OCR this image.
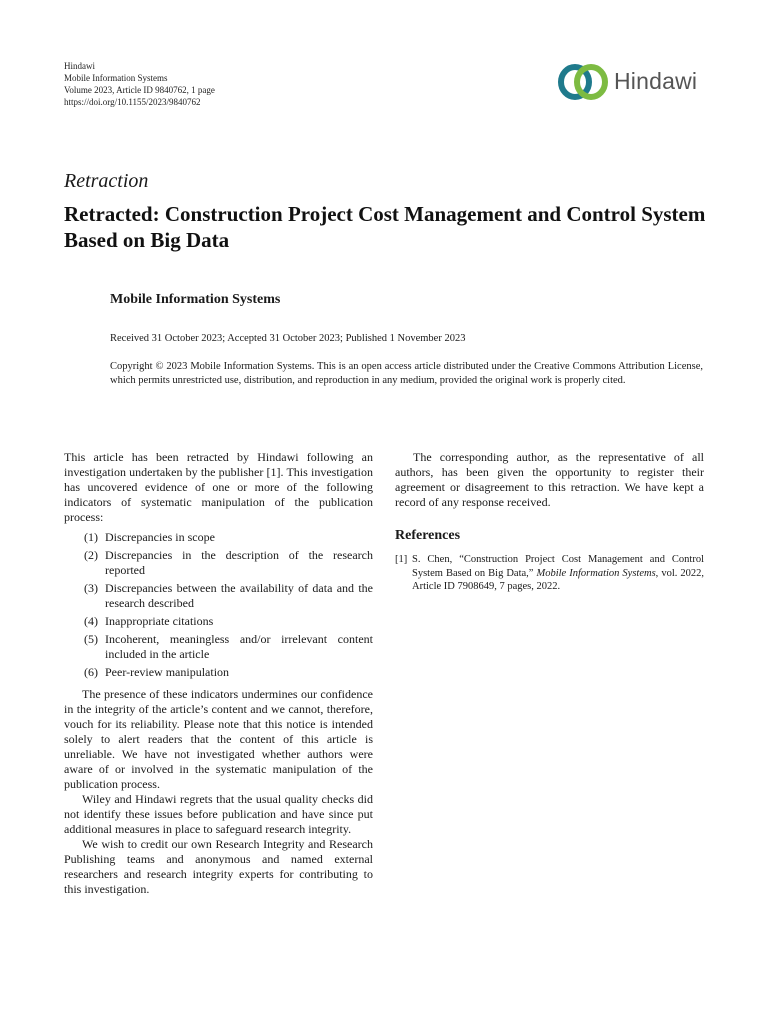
Hindawi
Mobile Information Systems
Volume 2023, Article ID 9840762, 1 page
https://doi.org/10.1155/2023/9840762
Hindawi
Retraction
Retracted: Construction Project Cost Management and Control System Based on Big Data
Mobile Information Systems
Received 31 October 2023; Accepted 31 October 2023; Published 1 November 2023
Copyright © 2023 Mobile Information Systems. This is an open access article distributed under the Creative Commons Attribution License, which permits unrestricted use, distribution, and reproduction in any medium, provided the original work is properly cited.

This article has been retracted by Hindawi following an investigation undertaken by the publisher [1]. This investigation has uncovered evidence of one or more of the following indicators of systematic manipulation of the publication process:

(1) Discrepancies in scope
(2) Discrepancies in the description of the research reported
(3) Discrepancies between the availability of data and the research described
(4) Inappropriate citations
(5) Incoherent, meaningless and/or irrelevant content included in the article
(6) Peer-review manipulation

The presence of these indicators undermines our confidence in the integrity of the article’s content and we cannot, therefore, vouch for its reliability. Please note that this notice is intended solely to alert readers that the content of this article is unreliable. We have not investigated whether authors were aware of or involved in the systematic manipulation of the publication process.

Wiley and Hindawi regrets that the usual quality checks did not identify these issues before publication and have since put additional measures in place to safeguard research integrity.

We wish to credit our own Research Integrity and Research Publishing teams and anonymous and named external researchers and research integrity experts for contributing to this investigation.

The corresponding author, as the representative of all authors, has been given the opportunity to register their agreement or disagreement to this retraction. We have kept a record of any response received.

References

[1] S. Chen, “Construction Project Cost Management and Control System Based on Big Data,” Mobile Information Systems, vol. 2022, Article ID 7908649, 7 pages, 2022.
